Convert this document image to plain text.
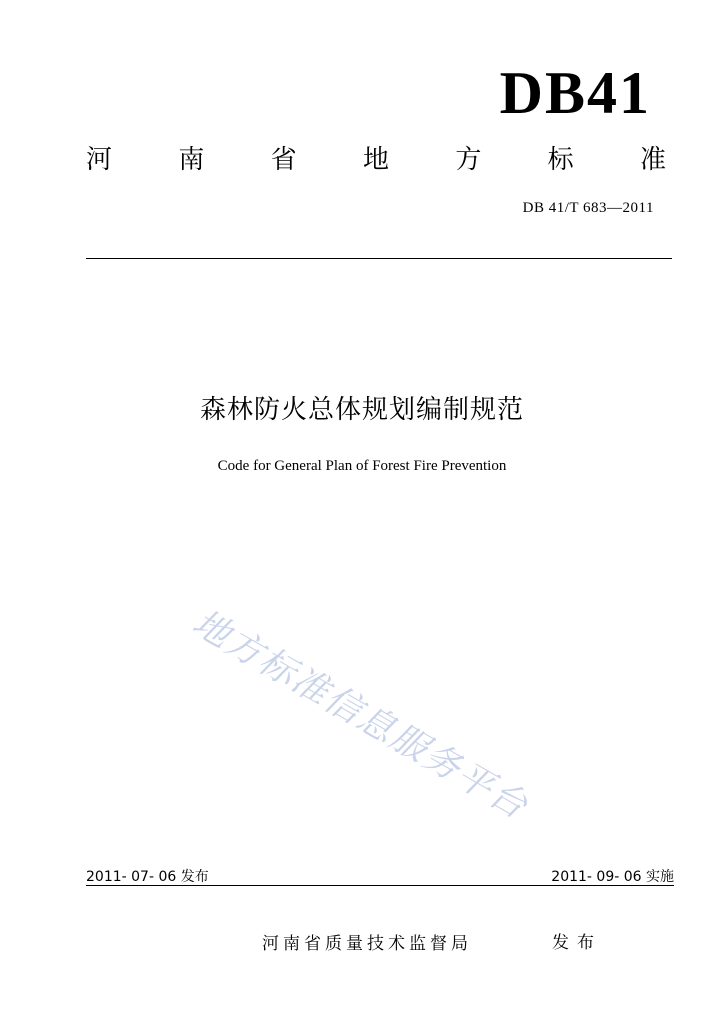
DB41
河	南	省	地	方	标	准
DB 41/T 683—2011
森林防火总体规划编制规范
Code for General Plan of Forest Fire Prevention
地方标准信息服务平台
2011- 07- 06 发布	2011- 09- 06 实施
河南省质量技术监督局	发布
